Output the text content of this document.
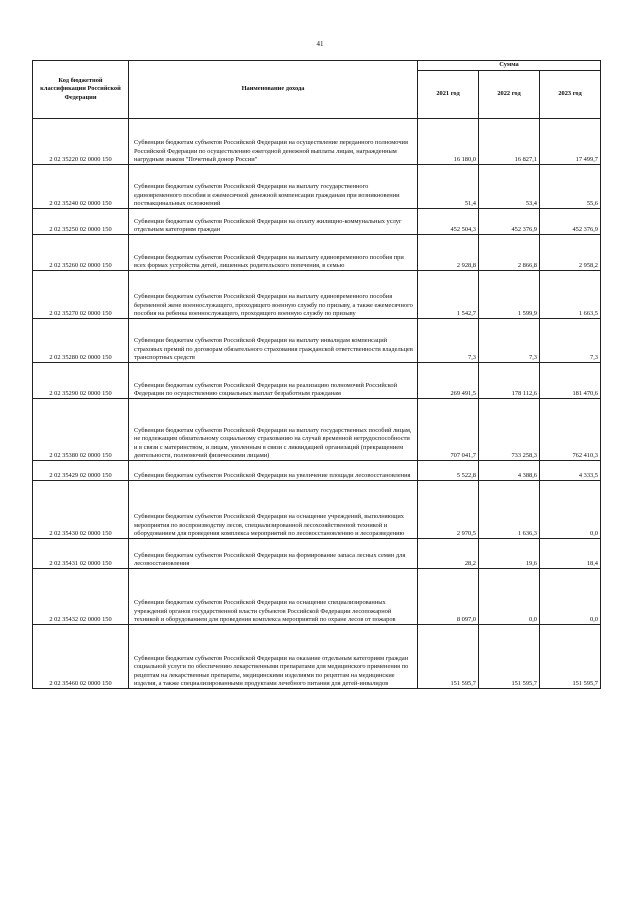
41
Код бюджетной классификации Российской Федерации	Наименование дохода	Сумма		
		2021 год	2022 год	2023 год
2 02 35220 02 0000 150	Субвенции бюджетам субъектов Российской Федерации на осуществление переданного полномочия Российской Федерации по осуществлению ежегодной денежной выплаты лицам, награжденным нагрудным знаком "Почетный донор России"	16 180,0	16 827,1	17 499,7
2 02 35240 02 0000 150	Субвенции бюджетам субъектов Российской Федерации на выплату государственного единовременного пособия и ежемесячной денежной компенсации гражданам при возникновении поствакцинальных осложнений	51,4	53,4	55,6
2 02 35250 02 0000 150	Субвенции бюджетам субъектов Российской Федерации на оплату жилищно-коммунальных услуг отдельным категориям граждан	452 504,3	452 376,9	452 376,9
2 02 35260 02 0000 150	Субвенции бюджетам субъектов Российской Федерации на выплату единовременного пособия при всех формах устройства детей, лишенных родительского попечения, в семью	2 928,8	2 866,8	2 958,2
2 02 35270 02 0000 150	Субвенции бюджетам субъектов Российской Федерации на выплату единовременного пособия беременной жене военнослужащего, проходящего военную службу по призыву, а также ежемесячного пособия на ребенка военнослужащего, проходящего военную службу по призыву	1 542,7	1 599,9	1 663,5
2 02 35280 02 0000 150	Субвенции бюджетам субъектов Российской Федерации на выплату инвалидам компенсаций страховых премий по договорам обязательного страхования гражданской ответственности владельцев транспортных средств	7,3	7,3	7,3
2 02 35290 02 0000 150	Субвенции бюджетам субъектов Российской Федерации на реализацию полномочий Российской Федерации по осуществлению социальных выплат безработным гражданам	269 491,5	178 112,6	181 470,6
2 02 35380 02 0000 150	Субвенции бюджетам субъектов Российской Федерации на выплату государственных пособий лицам, не подлежащим обязательному социальному страхованию на случай временной нетрудоспособности и в связи с материнством, и лицам, уволенным в связи с ликвидацией организаций (прекращением деятельности, полномочий физическими лицами)	707 041,7	733 258,3	762 410,3
2 02 35429 02 0000 150	Субвенции бюджетам субъектов Российской Федерации на увеличение площади лесовосстановления	5 522,8	4 388,6	4 333,5
2 02 35430 02 0000 150	Субвенции бюджетам субъектов Российской Федерации на оснащение учреждений, выполняющих мероприятия по воспроизводству лесов, специализированной лесохозяйственной техникой и оборудованием для проведения комплекса мероприятий по лесовосстановлению и лесоразведению	2 970,5	1 636,3	0,0
2 02 35431 02 0000 150	Субвенции бюджетам субъектов Российской Федерации на формирование запаса лесных семян для лесовосстановления	28,2	19,6	18,4
2 02 35432 02 0000 150	Субвенции бюджетам субъектов Российской Федерации на оснащение специализированных учреждений органов государственной власти субъектов Российской Федерации лесопожарной техникой и оборудованием для проведения комплекса мероприятий по охране лесов от пожаров	8 097,0	0,0	0,0
2 02 35460 02 0000 150	Субвенции бюджетам субъектов Российской Федерации на оказание отдельным категориям граждан социальной услуги по обеспечению лекарственными препаратами для медицинского применения по рецептам на лекарственные препараты, медицинскими изделиями по рецептам на медицинские изделия, а также специализированными продуктами лечебного питания для детей-инвалидов	151 595,7	151 595,7	151 595,7
